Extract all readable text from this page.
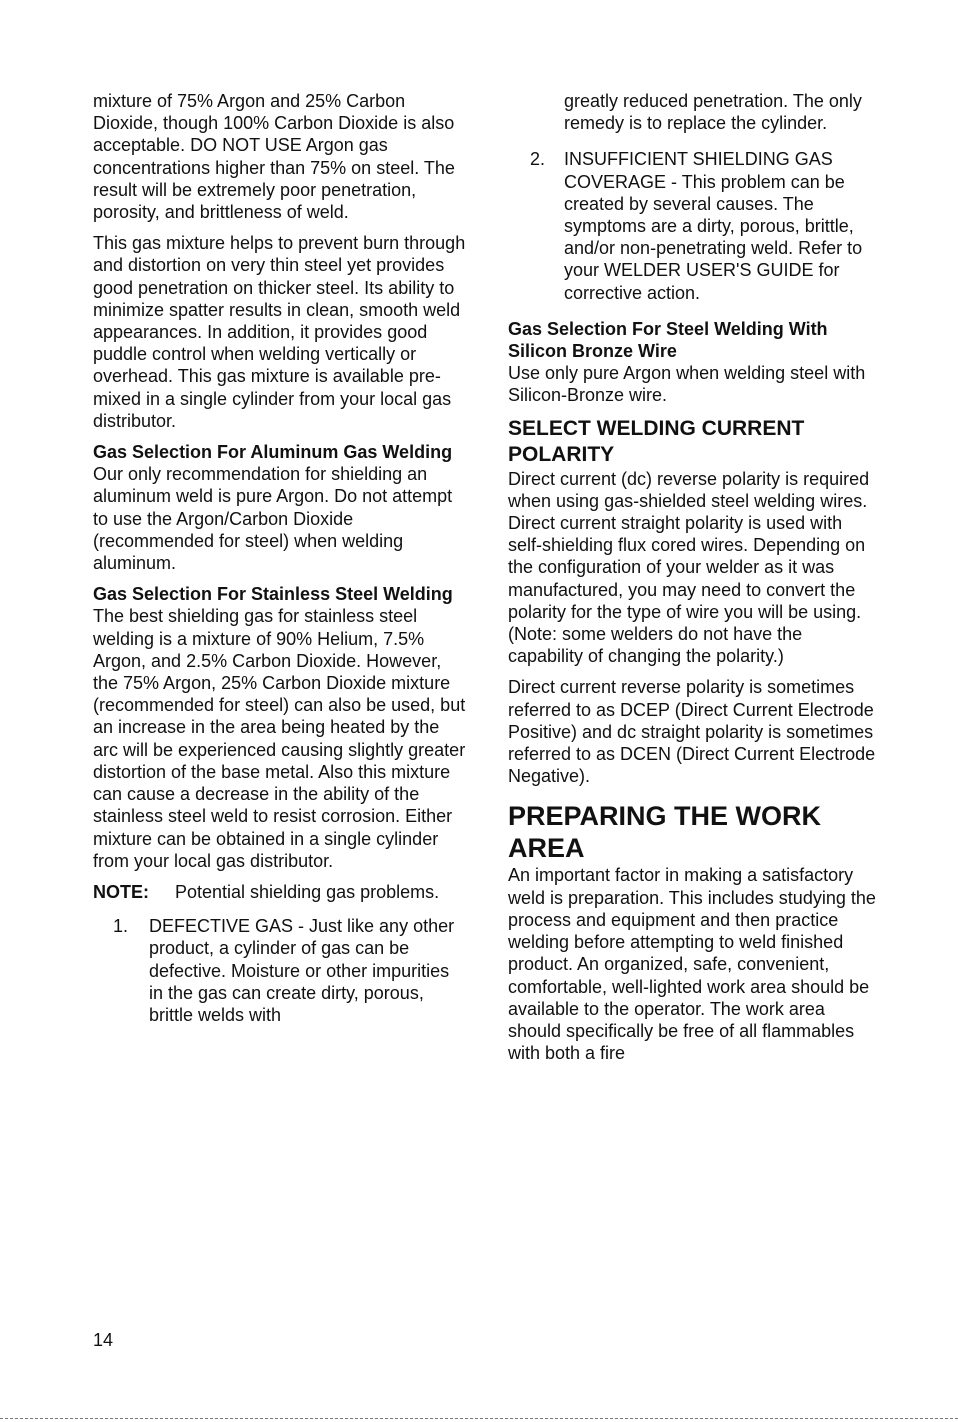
mixture of 75% Argon and 25% Carbon Dioxide, though 100% Carbon Dioxide is also acceptable. DO NOT USE Argon gas concentrations higher than 75% on steel. The result will be extremely poor penetration, porosity, and brittleness of weld.

This gas mixture helps to prevent burn through and distortion on very thin steel yet provides good penetration on thicker steel. Its ability to minimize spatter results in clean, smooth weld appearances. In addition, it provides good puddle control when welding vertically or overhead. This gas mixture is available pre-mixed in a single cylinder from your local gas distributor.

Gas Selection For Aluminum Gas Welding

Our only recommendation for shielding an aluminum weld is pure Argon. Do not attempt to use the Argon/Carbon Dioxide (recommended for steel) when welding aluminum.

Gas Selection For Stainless Steel Welding

The best shielding gas for stainless steel welding is a mixture of 90% Helium, 7.5% Argon, and 2.5% Carbon Dioxide. However, the 75% Argon, 25% Carbon Dioxide mixture (recommended for steel) can also be used, but an increase in the area being heated by the arc will be experienced causing slightly greater distortion of the base metal. Also this mixture can cause a decrease in the ability of the stainless steel weld to resist corrosion. Either mixture can be obtained in a single cylinder from your local gas distributor.

NOTE:	Potential shielding gas problems.
1.	DEFECTIVE GAS - Just like any other product, a cylinder of gas can be defective. Moisture or other impurities in the gas can create dirty, porous, brittle welds with
greatly reduced penetration. The only remedy is to replace the cylinder.
2.	INSUFFICIENT SHIELDING GAS COVERAGE - This problem can be created by several causes. The symptoms are a dirty, porous, brittle, and/or non-penetrating weld. Refer to your WELDER USER'S GUIDE for corrective action.
Gas Selection For Steel Welding With Silicon Bronze Wire

Use only pure Argon when welding steel with Silicon-Bronze wire.

SELECT WELDING CURRENT POLARITY

Direct current (dc) reverse polarity is required when using gas-shielded steel welding wires. Direct current straight polarity is used with self-shielding flux cored wires. Depending on the configuration of your welder as it was manufactured, you may need to convert the polarity for the type of wire you will be using. (Note: some welders do not have the capability of changing the polarity.)

Direct current reverse polarity is sometimes referred to as DCEP (Direct Current Electrode Positive) and dc straight polarity is sometimes referred to as DCEN (Direct Current Electrode Negative).

PREPARING THE WORK AREA

An important factor in making a satisfactory weld is preparation. This includes studying the process and equipment and then practice welding before attempting to weld finished product. An organized, safe, convenient, comfortable, well-lighted work area should be available to the operator. The work area should specifically be free of all flammables with both a fire

14
